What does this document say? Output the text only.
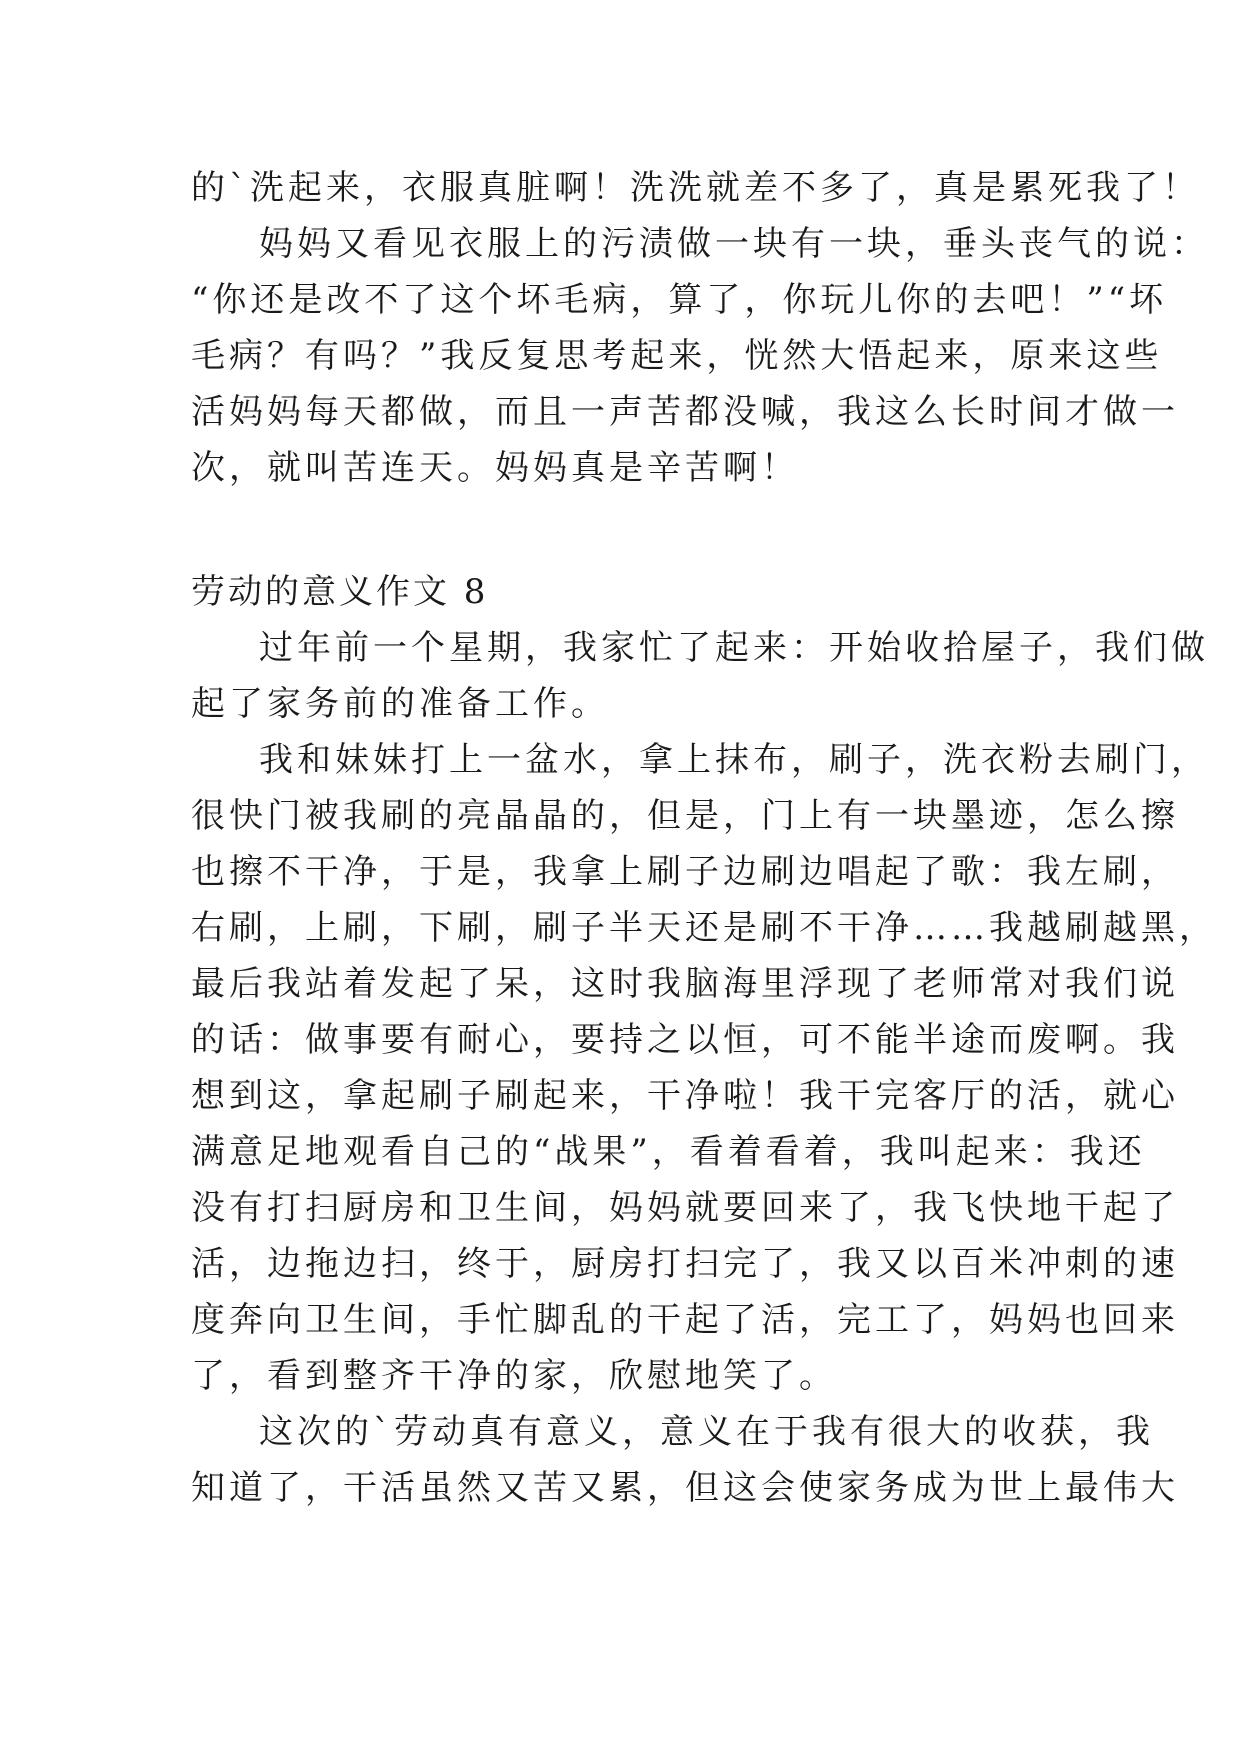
的`洗起来，衣服真脏啊！洗洗就差不多了，真是累死我了！
妈妈又看见衣服上的污渍做一块有一块，垂头丧气的说：
“你还是改不了这个坏毛病，算了，你玩儿你的去吧！”“坏
毛病？有吗？”我反复思考起来，恍然大悟起来，原来这些
活妈妈每天都做，而且一声苦都没喊，我这么长时间才做一
次，就叫苦连天。妈妈真是辛苦啊！
劳动的意义作文 8
过年前一个星期，我家忙了起来：开始收拾屋子，我们做
起了家务前的准备工作。
我和妹妹打上一盆水，拿上抹布，刷子，洗衣粉去刷门，
很快门被我刷的亮晶晶的，但是，门上有一块墨迹，怎么擦
也擦不干净，于是，我拿上刷子边刷边唱起了歌：我左刷，
右刷，上刷，下刷，刷子半天还是刷不干净……我越刷越黑，
最后我站着发起了呆，这时我脑海里浮现了老师常对我们说
的话：做事要有耐心，要持之以恒，可不能半途而废啊。我
想到这，拿起刷子刷起来，干净啦！我干完客厅的活，就心
满意足地观看自己的“战果”，看着看着，我叫起来：我还
没有打扫厨房和卫生间，妈妈就要回来了，我飞快地干起了
活，边拖边扫，终于，厨房打扫完了，我又以百米冲刺的速
度奔向卫生间，手忙脚乱的干起了活，完工了，妈妈也回来
了，看到整齐干净的家，欣慰地笑了。
这次的`劳动真有意义，意义在于我有很大的收获，我
知道了，干活虽然又苦又累，但这会使家务成为世上最伟大
